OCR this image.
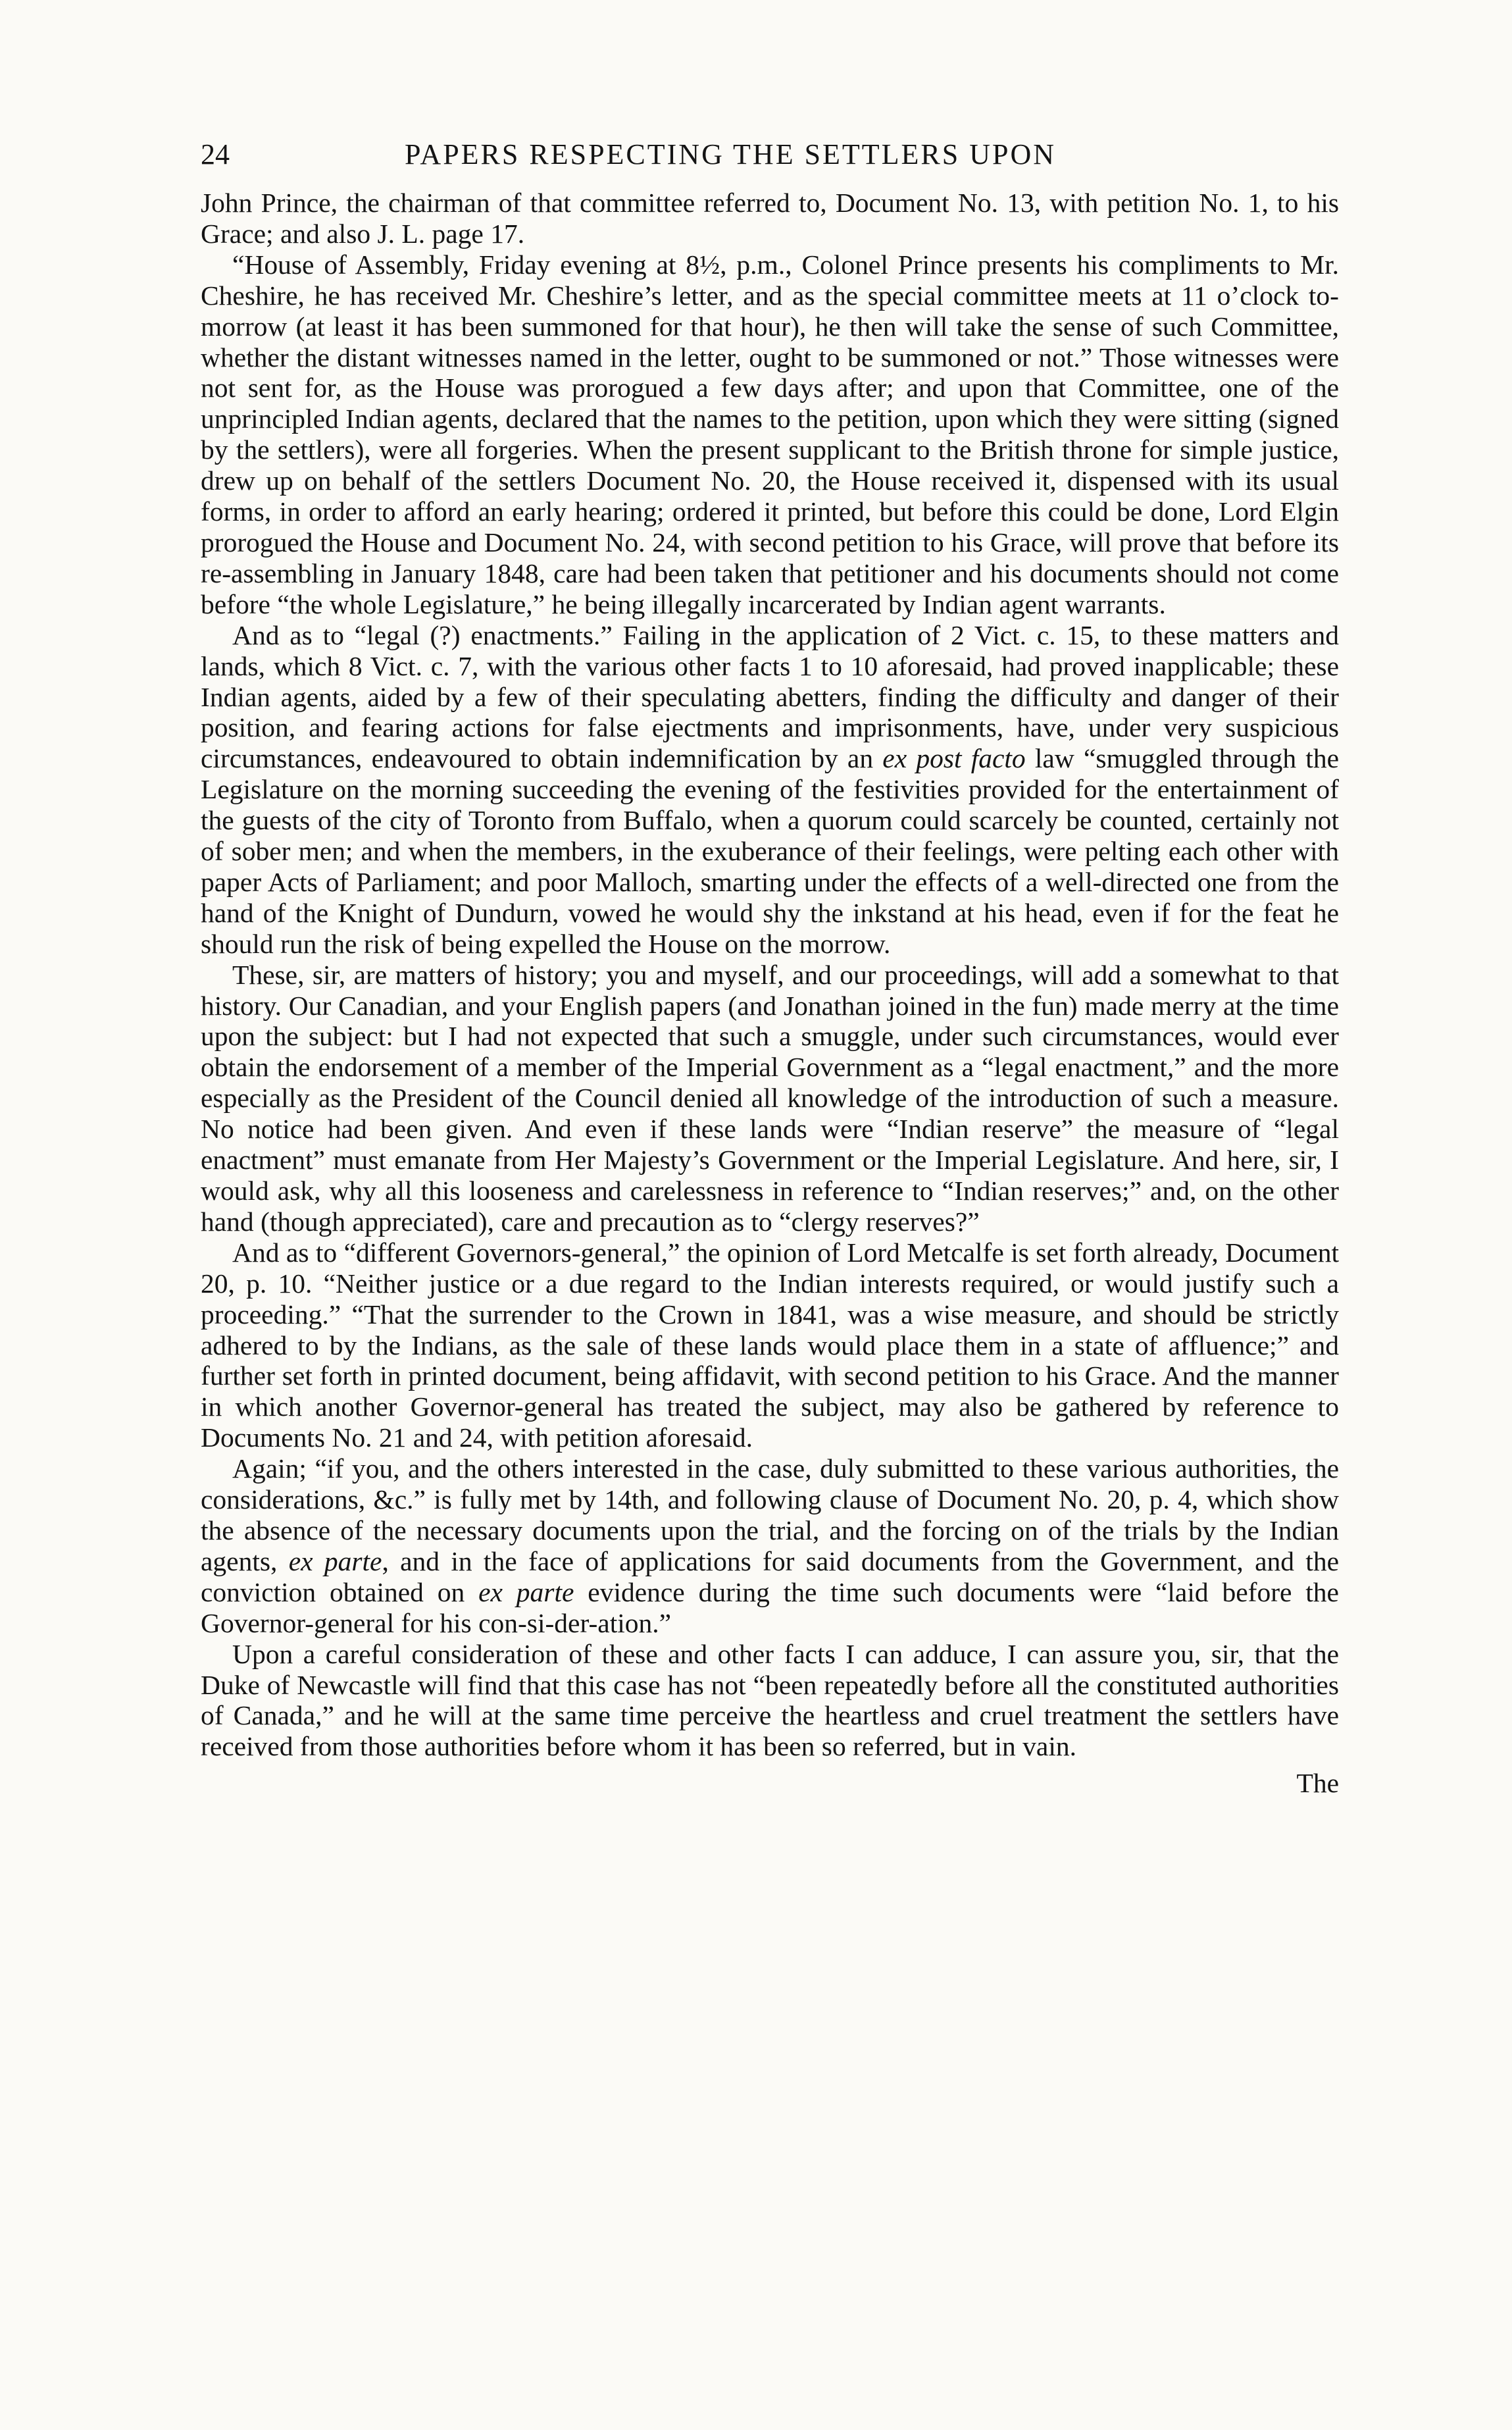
24	PAPERS RESPECTING THE SETTLERS UPON

John Prince, the chairman of that committee referred to, Document No. 13, with petition No. 1, to his Grace; and also J. L. page 17.

“House of Assembly, Friday evening at 8½, p.m., Colonel Prince presents his compliments to Mr. Cheshire, he has received Mr. Cheshire’s letter, and as the special committee meets at 11 o’clock to-morrow (at least it has been summoned for that hour), he then will take the sense of such Committee, whether the distant witnesses named in the letter, ought to be summoned or not.” Those witnesses were not sent for, as the House was prorogued a few days after; and upon that Committee, one of the unprincipled Indian agents, declared that the names to the petition, upon which they were sitting (signed by the settlers), were all forgeries. When the present supplicant to the British throne for simple justice, drew up on behalf of the settlers Document No. 20, the House received it, dispensed with its usual forms, in order to afford an early hearing; ordered it printed, but before this could be done, Lord Elgin prorogued the House and Document No. 24, with second petition to his Grace, will prove that before its re-assembling in January 1848, care had been taken that petitioner and his documents should not come before “the whole Legislature,” he being illegally incarcerated by Indian agent warrants.

And as to “legal (?) enactments.” Failing in the application of 2 Vict. c. 15, to these matters and lands, which 8 Vict. c. 7, with the various other facts 1 to 10 aforesaid, had proved inapplicable; these Indian agents, aided by a few of their speculating abetters, finding the difficulty and danger of their position, and fearing actions for false ejectments and imprisonments, have, under very suspicious circumstances, endeavoured to obtain indemnification by an ex post facto law “smuggled through the Legislature on the morning succeeding the evening of the festivities provided for the entertainment of the guests of the city of Toronto from Buffalo, when a quorum could scarcely be counted, certainly not of sober men; and when the members, in the exuberance of their feelings, were pelting each other with paper Acts of Parliament; and poor Malloch, smarting under the effects of a well-directed one from the hand of the Knight of Dundurn, vowed he would shy the inkstand at his head, even if for the feat he should run the risk of being expelled the House on the morrow.

These, sir, are matters of history; you and myself, and our proceedings, will add a somewhat to that history. Our Canadian, and your English papers (and Jonathan joined in the fun) made merry at the time upon the subject: but I had not expected that such a smuggle, under such circumstances, would ever obtain the endorsement of a member of the Imperial Government as a “legal enactment,” and the more especially as the President of the Council denied all knowledge of the introduction of such a measure. No notice had been given. And even if these lands were “Indian reserve” the measure of “legal enactment” must emanate from Her Majesty’s Government or the Imperial Legislature. And here, sir, I would ask, why all this looseness and carelessness in reference to “Indian reserves;” and, on the other hand (though appreciated), care and precaution as to “clergy reserves?”

And as to “different Governors-general,” the opinion of Lord Metcalfe is set forth already, Document 20, p. 10. “Neither justice or a due regard to the Indian interests required, or would justify such a proceeding.” “That the surrender to the Crown in 1841, was a wise measure, and should be strictly adhered to by the Indians, as the sale of these lands would place them in a state of affluence;” and further set forth in printed document, being affidavit, with second petition to his Grace. And the manner in which another Governor-general has treated the subject, may also be gathered by reference to Documents No. 21 and 24, with petition aforesaid.

Again; “if you, and the others interested in the case, duly submitted to these various authorities, the considerations, &c.” is fully met by 14th, and following clause of Document No. 20, p. 4, which show the absence of the necessary documents upon the trial, and the forcing on of the trials by the Indian agents, ex parte, and in the face of applications for said documents from the Government, and the conviction obtained on ex parte evidence during the time such documents were “laid before the Governor-general for his con-si-der-ation.”

Upon a careful consideration of these and other facts I can adduce, I can assure you, sir, that the Duke of Newcastle will find that this case has not “been repeatedly before all the constituted authorities of Canada,” and he will at the same time perceive the heartless and cruel treatment the settlers have received from those authorities before whom it has been so referred, but in vain.

The
